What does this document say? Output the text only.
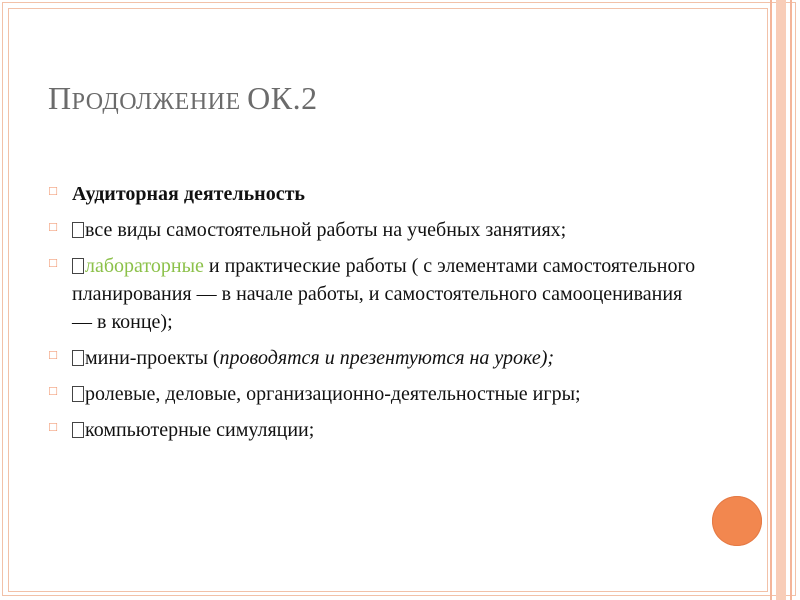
ПРОДОЛЖЕНИЕ ОК.2
□
Аудиторная деятельность
□
все виды самостоятельной работы на учебных занятиях;
□
лабораторные и практические работы ( с элементами самостоятельного планирования — в начале работы, и самостоятельного самооценивания — в конце);
□
мини-проекты (проводятся и презентуются на уроке);
□
ролевые, деловые, организационно-деятельностные игры;
□
компьютерные симуляции;
